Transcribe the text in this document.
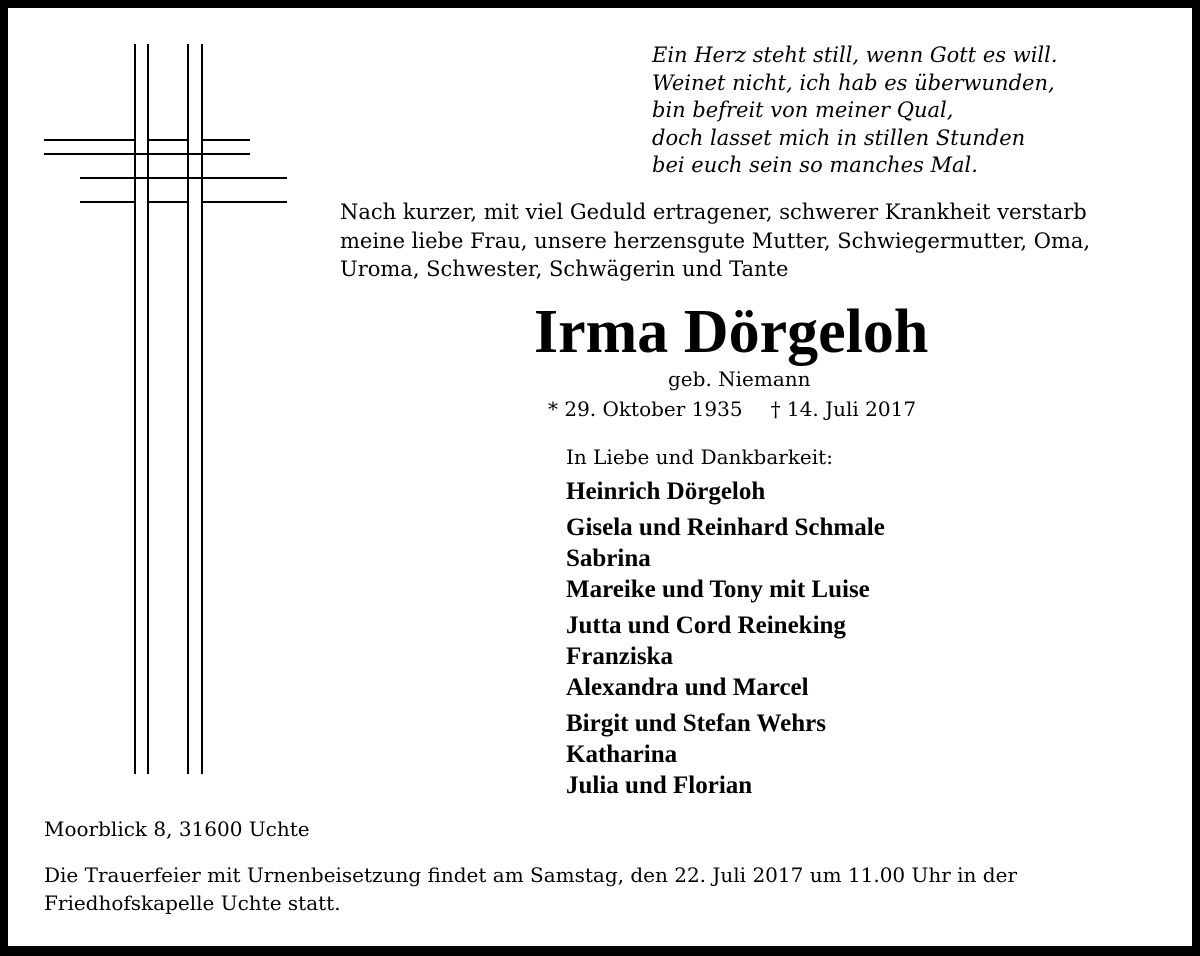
Ein Herz steht still, wenn Gott es will.
Weinet nicht, ich hab es überwunden,
bin befreit von meiner Qual,
doch lasset mich in stillen Stunden
bei euch sein so manches Mal.
Nach kurzer, mit viel Geduld ertragener, schwerer Krankheit verstarb
meine liebe Frau, unsere herzensgute Mutter, Schwiegermutter, Oma,
Uroma, Schwester, Schwägerin und Tante
Irma Dörgeloh
geb. Niemann
* 29. Oktober 1935 † 14. Juli 2017
In Liebe und Dankbarkeit:
Heinrich Dörgeloh
Gisela und Reinhard Schmale
Sabrina
Mareike und Tony mit Luise
Jutta und Cord Reineking
Franziska
Alexandra und Marcel
Birgit und Stefan Wehrs
Katharina
Julia und Florian
Moorblick 8, 31600 Uchte
Die Trauerfeier mit Urnenbeisetzung findet am Samstag, den 22. Juli 2017 um 11.00 Uhr in der
Friedhofskapelle Uchte statt.
